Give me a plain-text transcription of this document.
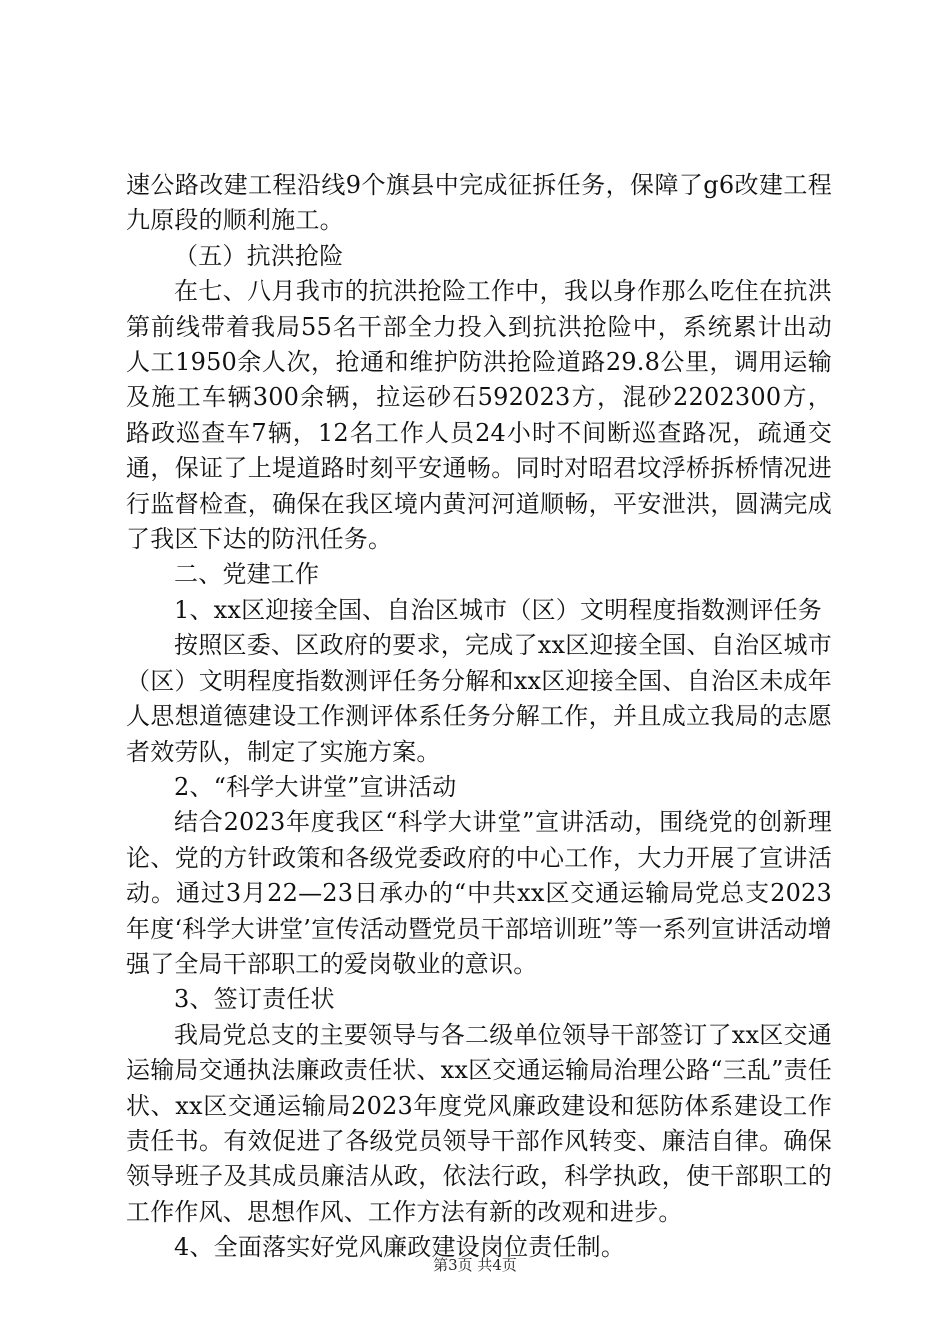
速公路改建工程沿线9个旗县中完成征拆任务，保障了g6改建工程九原段的顺利施工。

（五）抗洪抢险

在七、八月我市的抗洪抢险工作中，我以身作那么吃住在抗洪第前线带着我局55名干部全力投入到抗洪抢险中，系统累计出动人工1950余人次，抢通和维护防洪抢险道路29.8公里，调用运输及施工车辆300余辆，拉运砂石592023方，混砂2202300方，路政巡查车7辆，12名工作人员24小时不间断巡查路况，疏通交通，保证了上堤道路时刻平安通畅。同时对昭君坟浮桥拆桥情况进行监督检查，确保在我区境内黄河河道顺畅，平安泄洪，圆满完成了我区下达的防汛任务。

二、党建工作

1、xx区迎接全国、自治区城市（区）文明程度指数测评任务

按照区委、区政府的要求，完成了xx区迎接全国、自治区城市（区）文明程度指数测评任务分解和xx区迎接全国、自治区未成年人思想道德建设工作测评体系任务分解工作，并且成立我局的志愿者效劳队，制定了实施方案。

2、“科学大讲堂”宣讲活动

结合2023年度我区“科学大讲堂”宣讲活动，围绕党的创新理论、党的方针政策和各级党委政府的中心工作，大力开展了宣讲活动。通过3月22—23日承办的“中共xx区交通运输局党总支2023年度‘科学大讲堂’宣传活动暨党员干部培训班”等一系列宣讲活动增强了全局干部职工的爱岗敬业的意识。

3、签订责任状

我局党总支的主要领导与各二级单位领导干部签订了xx区交通运输局交通执法廉政责任状、xx区交通运输局治理公路“三乱”责任状、xx区交通运输局2023年度党风廉政建设和惩防体系建设工作责任书。有效促进了各级党员领导干部作风转变、廉洁自律。确保领导班子及其成员廉洁从政，依法行政，科学执政，使干部职工的工作作风、思想作风、工作方法有新的改观和进步。

4、全面落实好党风廉政建设岗位责任制。

第3页 共4页
